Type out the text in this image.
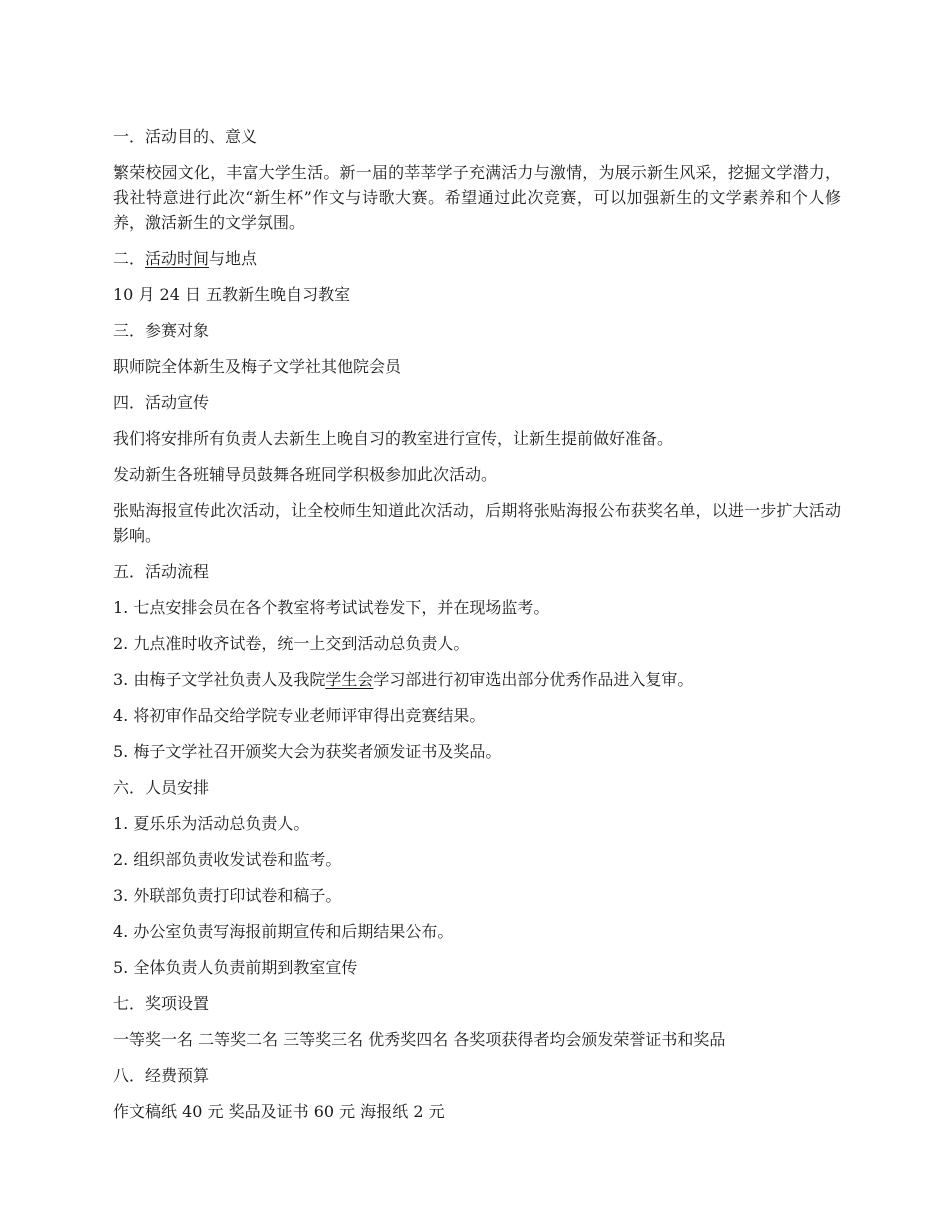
一．活动目的、意义

繁荣校园文化，丰富大学生活。新一届的莘莘学子充满活力与激情，为展示新生风采，挖掘文学潜力，我社特意进行此次“新生杯”作文与诗歌大赛。希望通过此次竞赛，可以加强新生的文学素养和个人修养，激活新生的文学氛围。

二．活动时间与地点

10 月 24 日 五教新生晚自习教室

三．参赛对象

职师院全体新生及梅子文学社其他院会员

四．活动宣传

我们将安排所有负责人去新生上晚自习的教室进行宣传，让新生提前做好准备。

发动新生各班辅导员鼓舞各班同学积极参加此次活动。

张贴海报宣传此次活动，让全校师生知道此次活动，后期将张贴海报公布获奖名单，以进一步扩大活动影响。

五．活动流程

1. 七点安排会员在各个教室将考试试卷发下，并在现场监考。

2. 九点准时收齐试卷，统一上交到活动总负责人。

3. 由梅子文学社负责人及我院学生会学习部进行初审选出部分优秀作品进入复审。

4. 将初审作品交给学院专业老师评审得出竞赛结果。

5. 梅子文学社召开颁奖大会为获奖者颁发证书及奖品。

六．人员安排

1. 夏乐乐为活动总负责人。

2. 组织部负责收发试卷和监考。

3. 外联部负责打印试卷和稿子。

4. 办公室负责写海报前期宣传和后期结果公布。

5. 全体负责人负责前期到教室宣传

七．奖项设置

一等奖一名 二等奖二名 三等奖三名 优秀奖四名 各奖项获得者均会颁发荣誉证书和奖品

八．经费预算

作文稿纸 40 元 奖品及证书 60 元 海报纸 2 元
